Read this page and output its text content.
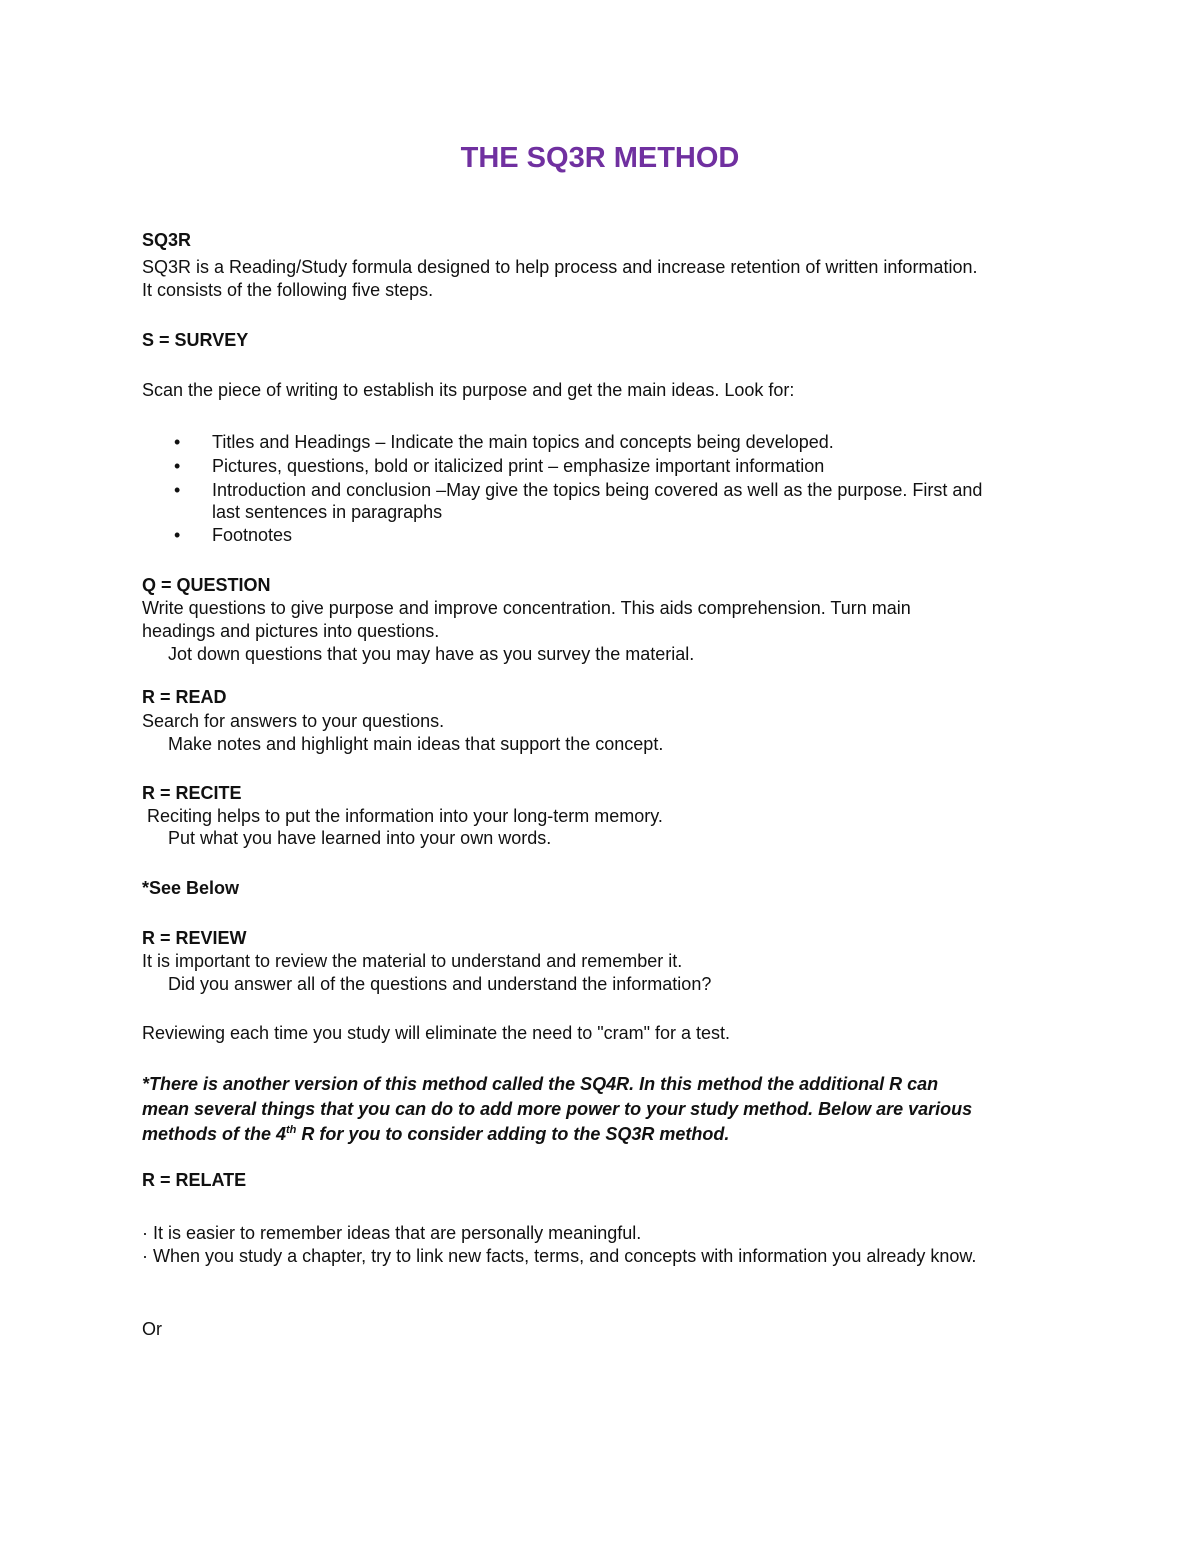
THE SQ3R METHOD
SQ3R
SQ3R is a Reading/Study formula designed to help process and increase retention of written information.
It consists of the following five steps.
S = SURVEY
Scan the piece of writing to establish its purpose and get the main ideas. Look for:
• Titles and Headings – Indicate the main topics and concepts being developed.
• Pictures, questions, bold or italicized print – emphasize important information
• Introduction and conclusion –May give the topics being covered as well as the purpose. First and
last sentences in paragraphs
• Footnotes
Q = QUESTION
Write questions to give purpose and improve concentration. This aids comprehension. Turn main
headings and pictures into questions.
Jot down questions that you may have as you survey the material.
R = READ
Search for answers to your questions.
Make notes and highlight main ideas that support the concept.
R = RECITE
Reciting helps to put the information into your long-term memory.
Put what you have learned into your own words.
*See Below
R = REVIEW
It is important to review the material to understand and remember it.
Did you answer all of the questions and understand the information?
Reviewing each time you study will eliminate the need to "cram" for a test.
*There is another version of this method called the SQ4R. In this method the additional R can
mean several things that you can do to add more power to your study method. Below are various
methods of the 4th R for you to consider adding to the SQ3R method.
R = RELATE
· It is easier to remember ideas that are personally meaningful.
· When you study a chapter, try to link new facts, terms, and concepts with information you already know.
Or
